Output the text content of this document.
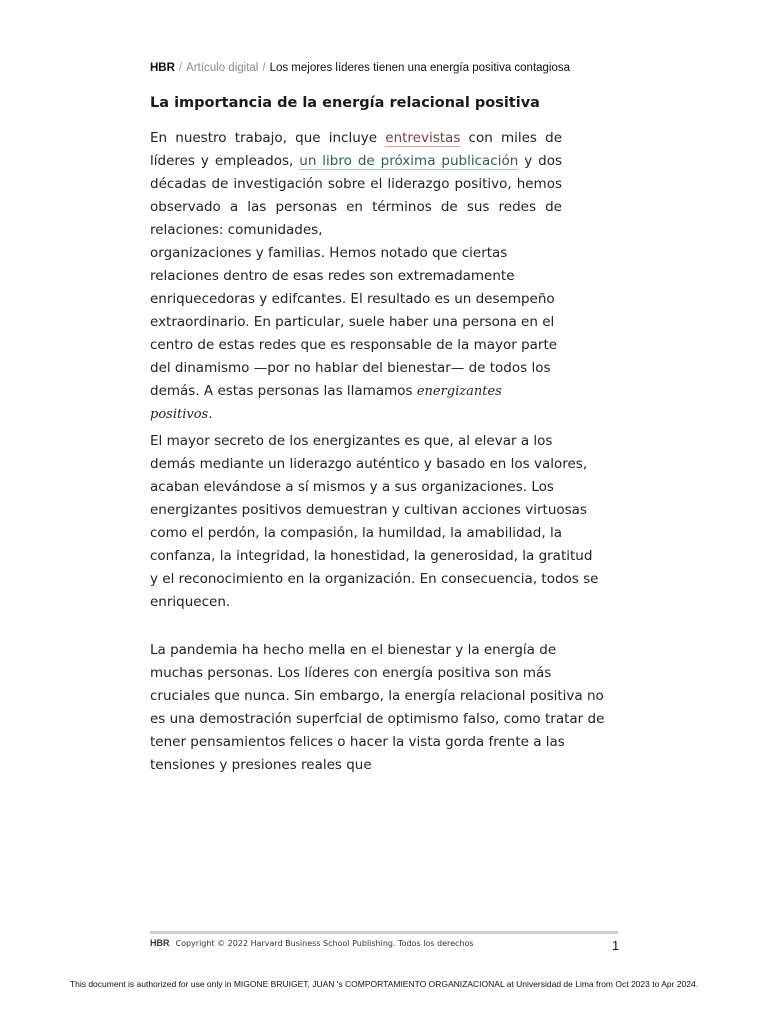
HBR / Artículo digital / Los mejores líderes tienen una energía positiva contagiosa
La importancia de la energía relacional positiva
En nuestro trabajo, que incluye entrevistas con miles de
líderes y empleados, un libro de próxima publicación y dos
décadas de investigación sobre el liderazgo positivo, hemos
observado a las personas en términos de sus redes de
relaciones: comunidades,

organizaciones y familias. Hemos notado que ciertas relaciones dentro de esas redes son extremadamente enriquecedoras y edifcantes. El resultado es un desempeño extraordinario. En particular, suele haber una persona en el centro de estas redes que es responsable de la mayor parte del dinamismo —por no hablar del bienestar— de todos los demás. A estas personas las llamamos energizantes positivos.

El mayor secreto de los energizantes es que, al elevar a los demás mediante un liderazgo auténtico y basado en los valores, acaban elevándose a sí mismos y a sus organizaciones. Los energizantes positivos demuestran y cultivan acciones virtuosas como el perdón, la compasión, la humildad, la amabilidad, la confanza, la integridad, la honestidad, la generosidad, la gratitud y el reconocimiento en la organización. En consecuencia, todos se enriquecen.

La pandemia ha hecho mella en el bienestar y la energía de muchas personas. Los líderes con energía positiva son más cruciales que nunca. Sin embargo, la energía relacional positiva no es una demostración superfcial de optimismo falso, como tratar de tener pensamientos felices o hacer la vista gorda frente a las tensiones y presiones reales que

HBR Copyright © 2022 Harvard Business School Publishing. Todos los derechos	1
This document is authorized for use only in MIGONE BRUIGET, JUAN 's COMPORTAMIENTO ORGANIZACIONAL at Universidad de Lima from Oct 2023 to Apr 2024.
